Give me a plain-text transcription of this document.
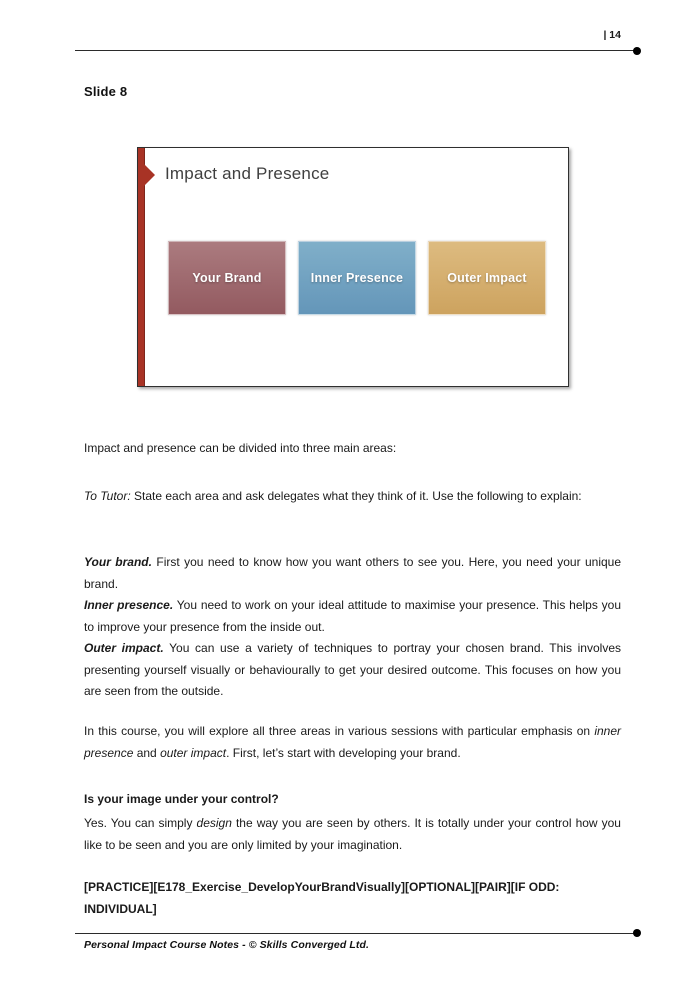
| 14
Slide 8
Impact and Presence
Your Brand	Inner Presence	Outer Impact
Impact and presence can be divided into three main areas:
To Tutor: State each area and ask delegates what they think of it. Use the following to explain:
Your brand. First you need to know how you want others to see you. Here, you need your unique brand.
Inner presence. You need to work on your ideal attitude to maximise your presence. This helps you to improve your presence from the inside out.
Outer impact. You can use a variety of techniques to portray your chosen brand. This involves presenting yourself visually or behaviourally to get your desired outcome. This focuses on how you are seen from the outside.
In this course, you will explore all three areas in various sessions with particular emphasis on inner presence and outer impact. First, let’s start with developing your brand.
Is your image under your control?
Yes. You can simply design the way you are seen by others. It is totally under your control how you like to be seen and you are only limited by your imagination.
[PRACTICE][E178_Exercise_DevelopYourBrandVisually][OPTIONAL][PAIR][IF ODD: INDIVIDUAL]
Personal Impact Course Notes - © Skills Converged Ltd.
